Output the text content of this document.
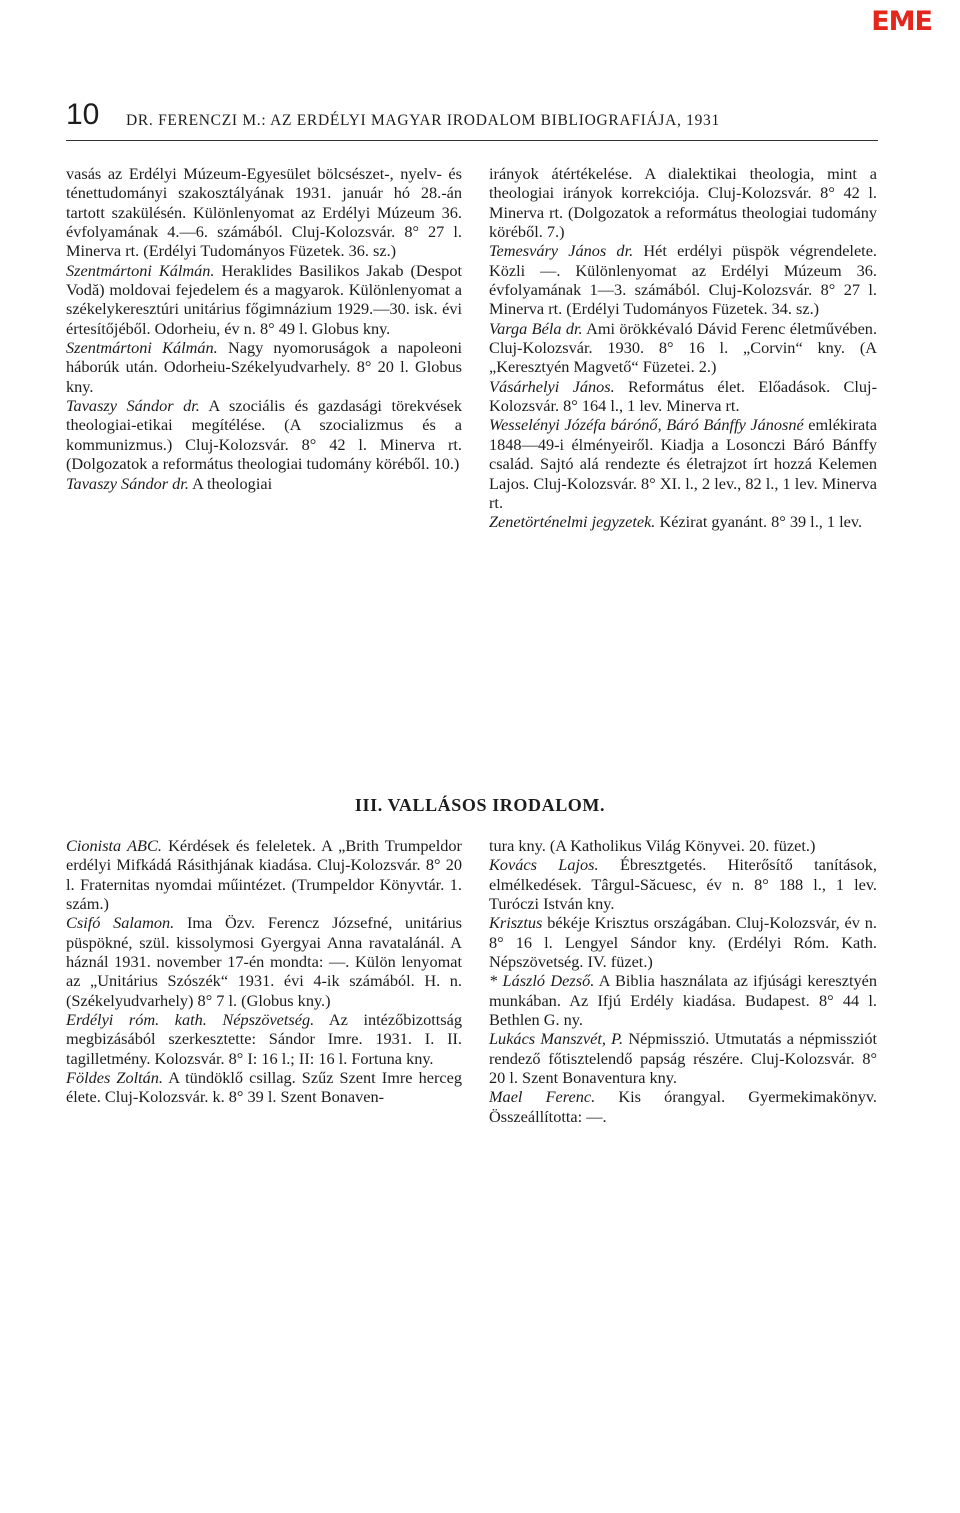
EME
10 DR. FERENCZI M.: AZ ERDÉLYI MAGYAR IRODALOM BIBLIOGRAFIÁJA, 1931

vasás az Erdélyi Múzeum-Egyesület bölcsészet-, nyelv- és ténettudományi szakosztályának 1931. január hó 28.-án tartott szakülésén. Különlenyomat az Erdélyi Múzeum 36. évfolyamának 4.—6. számából. Cluj-Kolozsvár. 8° 27 l. Minerva rt. (Erdélyi Tudományos Füzetek. 36. sz.)

Szentmártoni Kálmán. Heraklides Basilikos Jakab (Despot Vodă) moldovai fejedelem és a magyarok. Különlenyomat a székelykeresztúri unitárius főgimnázium 1929.—30. isk. évi értesítőjéből. Odorheiu, év n. 8° 49 l. Globus kny.

Szentmártoni Kálmán. Nagy nyomoruságok a napoleoni háborúk után. Odorheiu-Székelyudvarhely. 8° 20 l. Globus kny.

Tavaszy Sándor dr. A szociális és gazdasági törekvések theologiai-etikai megítélése. (A szocializmus és a kommunizmus.) Cluj-Kolozsvár. 8° 42 l. Minerva rt. (Dolgozatok a református theologiai tudomány köréből. 10.)

Tavaszy Sándor dr. A theologiai

irányok átértékelése. A dialektikai theologia, mint a theologiai irányok korrekciója. Cluj-Kolozsvár. 8° 42 l. Minerva rt. (Dolgozatok a református theologiai tudomány köréből. 7.)

Temesváry János dr. Hét erdélyi püspök végrendelete. Közli —. Különlenyomat az Erdélyi Múzeum 36. évfolyamának 1—3. számából. Cluj-Kolozsvár. 8° 27 l. Minerva rt. (Erdélyi Tudományos Füzetek. 34. sz.)

Varga Béla dr. Ami örökkévaló Dávid Ferenc életművében. Cluj-Kolozsvár. 1930. 8° 16 l. „Corvin“ kny. (A „Keresztyén Magvető“ Füzetei. 2.)

Vásárhelyi János. Református élet. Előadások. Cluj-Kolozsvár. 8° 164 l., 1 lev. Minerva rt.

Wesselényi Józéfa bárónő, Báró Bánffy Jánosné emlékirata 1848—49-i élményeiről. Kiadja a Losonczi Báró Bánffy család. Sajtó alá rendezte és életrajzot írt hozzá Kelemen Lajos. Cluj-Kolozsvár. 8° XI. l., 2 lev., 82 l., 1 lev. Minerva rt.

Zenetörténelmi jegyzetek. Kézirat gyanánt. 8° 39 l., 1 lev.

III. VALLÁSOS IRODALOM.

Cionista ABC. Kérdések és feleletek. A „Brith Trumpeldor erdélyi Mifkádá Rásithjának kiadása. Cluj-Kolozsvár. 8° 20 l. Fraternitas nyomdai műintézet. (Trumpeldor Könyvtár. 1. szám.)

Csifó Salamon. Ima Özv. Ferencz Józsefné, unitárius püspökné, szül. kissolymosi Gyergyai Anna ravatalánál. A háznál 1931. november 17-én mondta: —. Külön lenyomat az „Unitárius Szószék“ 1931. évi 4-ik számából. H. n. (Székelyudvarhely) 8° 7 l. (Globus kny.)

Erdélyi róm. kath. Népszövetség. Az intézőbizottság megbizásából szerkesztette: Sándor Imre. 1931. I. II. tagilletmény. Kolozsvár. 8° I: 16 l.; II: 16 l. Fortuna kny.

Földes Zoltán. A tündöklő csillag. Szűz Szent Imre herceg élete. Cluj-Kolozsvár. k. 8° 39 l. Szent Bonaven-

tura kny. (A Katholikus Világ Könyvei. 20. füzet.)

Kovács Lajos. Ébresztgetés. Hiterősítő tanítások, elmélkedések. Târgul-Săcuesc, év n. 8° 188 l., 1 lev. Turóczi István kny.

Krisztus békéje Krisztus országában. Cluj-Kolozsvár, év n. 8° 16 l. Lengyel Sándor kny. (Erdélyi Róm. Kath. Népszövetség. IV. füzet.)

* László Dezső. A Biblia használata az ifjúsági keresztyén munkában. Az Ifjú Erdély kiadása. Budapest. 8° 44 l. Bethlen G. ny.

Lukács Manszvét, P. Népmisszió. Utmutatás a népmissziót rendező főtisztelendő papság részére. Cluj-Kolozsvár. 8° 20 l. Szent Bonaventura kny.

Mael Ferenc. Kis órangyal. Gyermekimakönyv. Összeállította: —.
